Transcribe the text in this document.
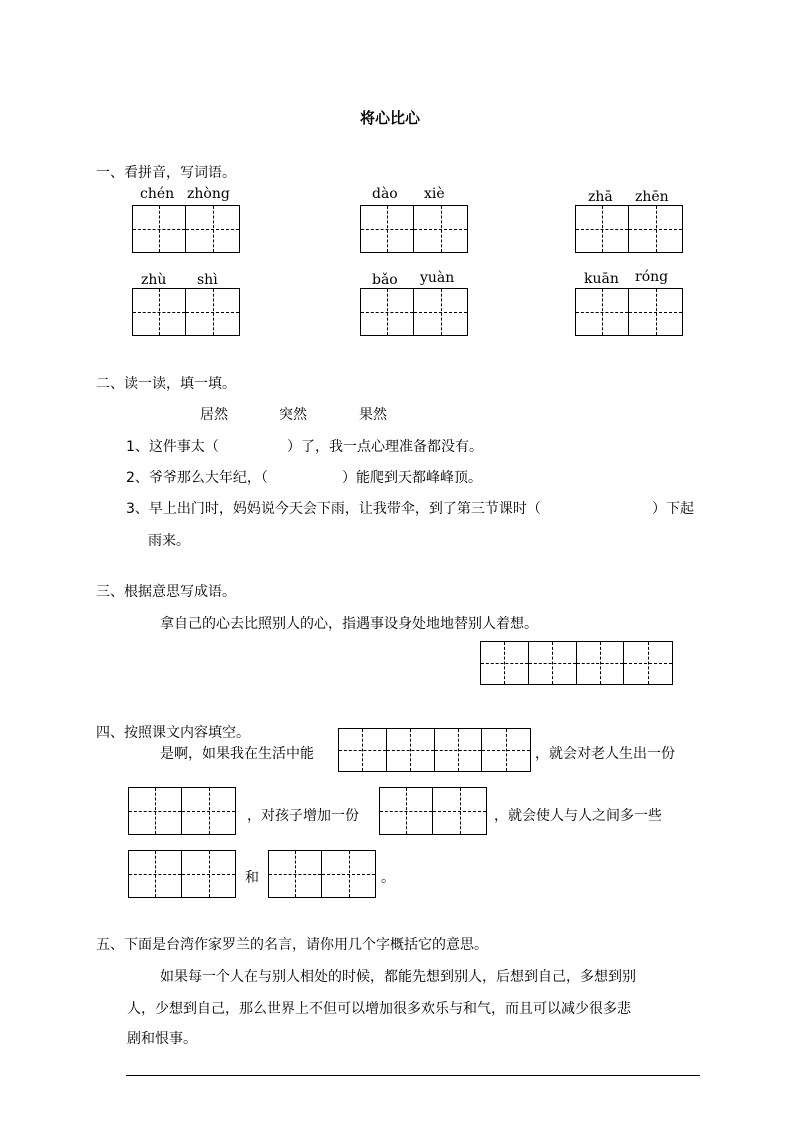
将心比心
一、看拼音，写词语。
chén zhòng	dào xiè	zhā zhēn
zhù shì	bǎo yuàn	kuān róng
二、读一读，填一填。
居然	突然	果然
1、这件事太（	）了，我一点心理准备都没有。
2、爷爷那么大年纪，（	）能爬到天都峰峰顶。
3、早上出门时，妈妈说今天会下雨，让我带伞，到了第三节课时（	）下起
雨来。
三、根据意思写成语。
拿自己的心去比照别人的心，指遇事设身处地地替别人着想。
四、按照课文内容填空。
是啊，如果我在生活中能	，就会对老人生出一份
，对孩子增加一份	，就会使人与人之间多一些
和	。
五、下面是台湾作家罗兰的名言，请你用几个字概括它的意思。
如果每一个人在与别人相处的时候，都能先想到别人，后想到自己，多想到别
人，少想到自己，那么世界上不但可以增加很多欢乐与和气，而且可以减少很多悲
剧和恨事。
